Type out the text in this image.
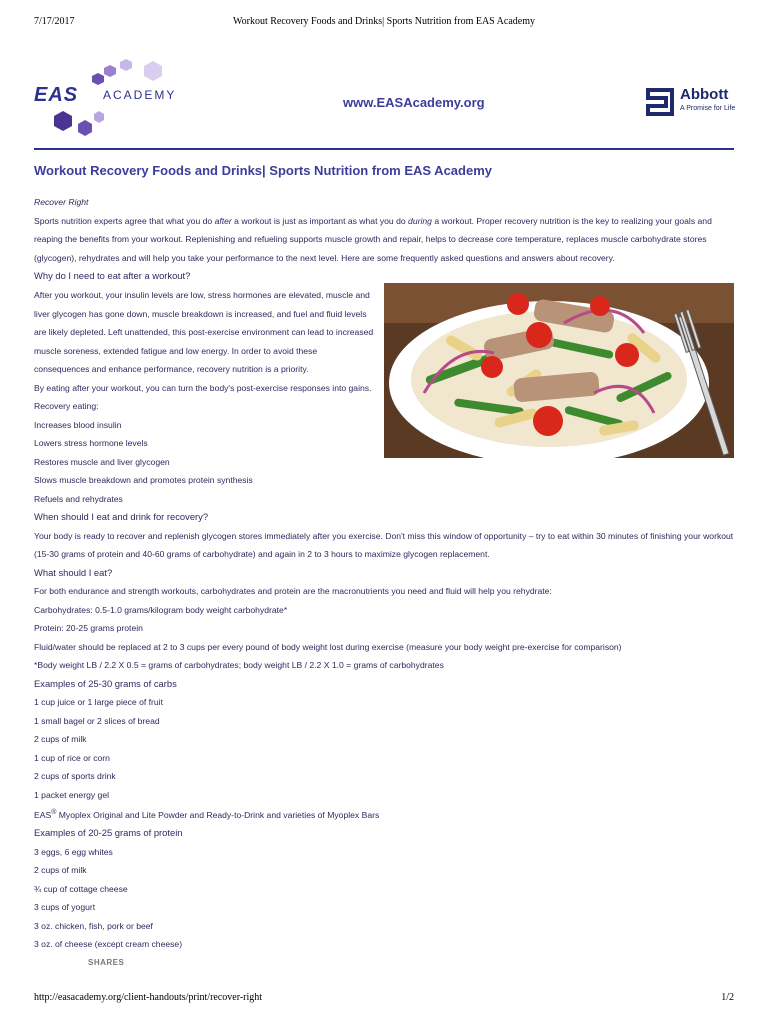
7/17/2017	Workout Recovery Foods and Drinks| Sports Nutrition from EAS Academy
EAS ACADEMY	www.EASAcademy.org	Abbott
A Promise for Life
Workout Recovery Foods and Drinks| Sports Nutrition from EAS Academy

Recover Right

Sports nutrition experts agree that what you do after a workout is just as important as what you do during a workout. Proper recovery nutrition is the key to realizing your goals and reaping the benefits from your workout. Replenishing and refueling supports muscle growth and repair, helps to decrease core temperature, replaces muscle carbohydrate stores (glycogen), rehydrates and will help you take your performance to the next level. Here are some frequently asked questions and answers about recovery.

Why do I need to eat after a workout?

After you workout, your insulin levels are low, stress hormones are elevated, muscle and liver glycogen has gone down, muscle breakdown is increased, and fuel and fluid levels are likely depleted. Left unattended, this post-exercise environment can lead to increased muscle soreness, extended fatigue and low energy. In order to avoid these consequences and enhance performance, recovery nutrition is a priority.

By eating after your workout, you can turn the body's post-exercise responses into gains. Recovery eating:

Increases blood insulin

Lowers stress hormone levels

Restores muscle and liver glycogen

Slows muscle breakdown and promotes protein synthesis

Refuels and rehydrates

When should I eat and drink for recovery?

Your body is ready to recover and replenish glycogen stores immediately after you exercise. Don't miss this window of opportunity – try to eat within 30 minutes of finishing your workout (15-30 grams of protein and 40-60 grams of carbohydrate) and again in 2 to 3 hours to maximize glycogen replacement.

What should I eat?

For both endurance and strength workouts, carbohydrates and protein are the macronutrients you need and fluid will help you rehydrate:

Carbohydrates: 0.5-1.0 grams/kilogram body weight carbohydrate*

Protein: 20-25 grams protein

Fluid/water should be replaced at 2 to 3 cups per every pound of body weight lost during exercise (measure your body weight pre-exercise for comparison)

*Body weight LB / 2.2 X 0.5 = grams of carbohydrates; body weight LB / 2.2 X 1.0 = grams of carbohydrates

Examples of 25-30 grams of carbs

1 cup juice or 1 large piece of fruit

1 small bagel or 2 slices of bread

2 cups of milk

1 cup of rice or corn

2 cups of sports drink

1 packet energy gel

EAS® Myoplex Original and Lite Powder and Ready-to-Drink and varieties of Myoplex Bars

Examples of 20-25 grams of protein

3 eggs, 6 egg whites

2 cups of milk

¾ cup of cottage cheese

3 cups of yogurt

3 oz. chicken, fish, pork or beef

3 oz. of cheese (except cream cheese)

SHARES
http://easacademy.org/client-handouts/print/recover-right	1/2
